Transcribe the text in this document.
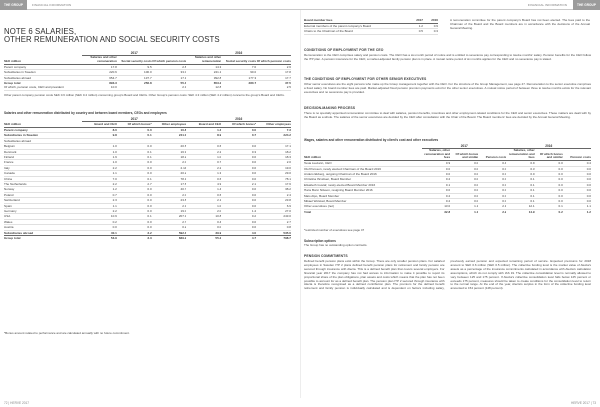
THE GROUP	FINANCIAL INFORMATION	FINANCIAL INFORMATION	THE GROUP
NOTE 6 SALARIES,
OTHER REMUNERATION AND SOCIAL SECURITY COSTS
	2017			2016		
SEK million	Salaries and other remuneration	Social security costs	Of which pension costs	Salaries and other remuneration	Social security costs	Of which pension costs
Parent company	17.8	9.5	2.8	14.3	7.6	2.6
Subsidiaries in Sweden	220.6	100.0	33.0	241.1	90.0	17.8
Subsidiaries abroad	654.7	137.7	17.1	392.8	177.3	17.7
Group total	893.3	256.8	55.3	653.2	280.7	37.5
Of which, pension costs, CEO and president	10.0		2.3	12.8		2.5
Other parent company pension costs SEK 0.6 million (SEK 0.4 million) concerning group's Board and CEOs. Other Group's pension costs: SEK 4.3 million (SEK 4.2 million) concerns the group's Board and CEOs.
Salaries and other remuneration distributed by country and between board members, CEOs and employees
	2017			2016		
SEK million	Board and CEO	Of which bonus*	Other employees	Board and CEO	Of which bonus*	Other employees
Parent company	8.0	0.0	10.8	1.3	0.0	7.3
Subsidiaries in Sweden	9.8	0.1	241.0	8.9	0.7	224.2
Subsidiaries abroad						
Belgium	1.0	0.0	20.6	0.6	0.0	17.1
Denmark	1.0	0.1	16.9	2.2	0.3	18.2
Finland	1.9	0.1	18.2	1.0	0.0	18.3
France	1.0	0.0	2.0	0.7	0.0	2.0
Italy	2.2	0.0	2.14	2.2	0.0	19.0
Canada	1.1	0.0	20.2	1.3	0.0	29.0
China	7.0	0.1	78.1	0.6	0.0	78.1
The Netherlands	2.2	2.7	17.6	4.9	2.1	17.6
Norway	1.2	0.0	40.7	1.4	0.0	38.2
Poland	0.7	0.0	2.0	0.6	0.0	2.4
Switzerland	2.3	0.0	23.8	2.1	0.0	23.8
Spain	1.1	0.0	2.3	1.0	0.0	6.9
Germany	2.2	0.0	19.0	2.0	1.4	27.0
USA	10.9	0.1	207.3	10.8	0.2	243.0
Wales	0.2	0.0	2.7	0.4	0.0	2.7
Austria	0.0	0.0	0.2	0.0	0.0	0.8
Subsidiaries abroad	40.1	3.2	592.3	39.9	4.0	535.0
Group total	53.9	3.3	839.2	55.2	4.7	798.7
*Bonus amount related to performance and are calculated annually with no future commitment.
Board member fees	2017	2016
External members of the parent company's Board	1.2	0.9
Chairs to the Chairman of the Board	0.5	0.3
A remuneration committee for the parent company's Board has not been elected. The fees paid to the Chairman of the Board and the Board members are in accordance with the decisions of the Annual General Meeting.
CONDITIONS OF EMPLOYMENT FOR THE CEO
Remuneration to the CEO comprises salary and pension costs. The CEO has a six-month period of notice and is entitled to severance pay corresponding to twelve months' salary. Pension benefits for the CEO follow the ITP plan. A pension insurance for the CEO, a market-adjusted family pension plan is in place. A mutual notice period of six months applies for the CEO and no severance pay is stated.
THE CONDITIONS OF EMPLOYMENT FOR OTHER SENIOR EXECUTIVES
Other senior executives are the eight persons who make up the Group management together with the CEO. For the structure of the Group Management, see page 47. Remuneration to the senior executive comprises a fixed salary. No board member fees are paid. Market-adjusted fixed pension premium payments exist for the other senior executives. A mutual notice period of between three to twelve months exists for the relevant executives and no severance pay is provided.
DECISION-MAKING PROCESS
There is no specially appointed remuneration committee to deal with salaries, pension benefits, incentives and other employment-related conditions for the CEO and senior executives. These matters are dealt with by the Board as a whole. The salaries of the senior executives are decided by the CEO after consultation with the Chair of the Board. The Board members' fees are decided by the Annual General Meeting.
Wages, salaries and other remuneration distributed by client's cost and other executives
	2017			2016		
SEK million	Salaries, other remuneration and fees	Of which bonus and similar	Pension costs	Salaries, other remuneration and fees	Of which bonus and similar	Pension costs
Tesia Lieviann, CEO	0.9	0.0	0.4	0.9	0.0	0.4
Olof Persson, newly elected Chairman of the Board 2016	0.0	0.0	0.0	0.3	0.0	0.0
Anders Ekberg, outgoing Chairman of the Board 2016	0.0	0.0	0.0	0.0	0.0	0.0
Christina Ihrvidsen, Board Member	0.2	0.0	0.0	0.1	0.0	0.0
Elisabeth Gustaf, newly elected Board Member 2016	0.1	0.0	0.0	0.1	0.0	0.0
Hans Bonn Nilsson, resigning Board Member 2016	0.0	0.0	0.0	0.1	0.0	0.0
Mats Alpo, Board Member	0.2	0.0	0.0	0.1	0.0	0.0
Mikael Wolstad, Board Member	0.2	0.0	0.0	0.1	0.0	0.0
Other executives (net)	13.0	1.1	2.1	12.1	0.1	1.1
Total	32.8	1.1	2.2	14.9	0.2	1.2
*restricted number of executives see page 47
Subscription options
The Group has no outstanding option contracts.
PENSION COMMITMENTS
Defined benefit pension plans exist within the Group. There are only smaller pension plans. For salaried employees in Sweden ITP 2 plans defined benefit pension plans for retirement and family pension are secured through insurance with Alecta. This is a defined benefit plan that covers several employers. For financial year 2017 the company has not had access to information to make it possible to report its proportional share of the plan obligations, plan assets and costs which means that the plan has not been possible to account for as a defined benefit plan. The pension plan ITP 2 secured through insurance with Alecta is therefore recognised as a defined contribution plan. The premium for the defined benefit retirement and family pension is individually calculated and is dependent on factors including salary, previously earned pension and expected remaining period of service. Expected premiums for 2018 amount to SEK 0.6 million (SEK 0.5 million). The collective funding level is the market value of Alecta's assets as a percentage of the insurance commitments calculated in accordance with Alecta's calculation assumptions, which do not comply with IAS 19. The collective consolidation level is normally allowed to vary between 125 and 175 percent. If Alecta's collective consolidation level falls below 125 percent or exceeds 175 percent, measures should be taken to create conditions for the consolidation level to return to the normal range. At the end of the year, Alecta's surplus in the form of the collective funding level amounted to 154 percent (148 percent).
72 | HERVE 2017	HERVE 2017 | 73
